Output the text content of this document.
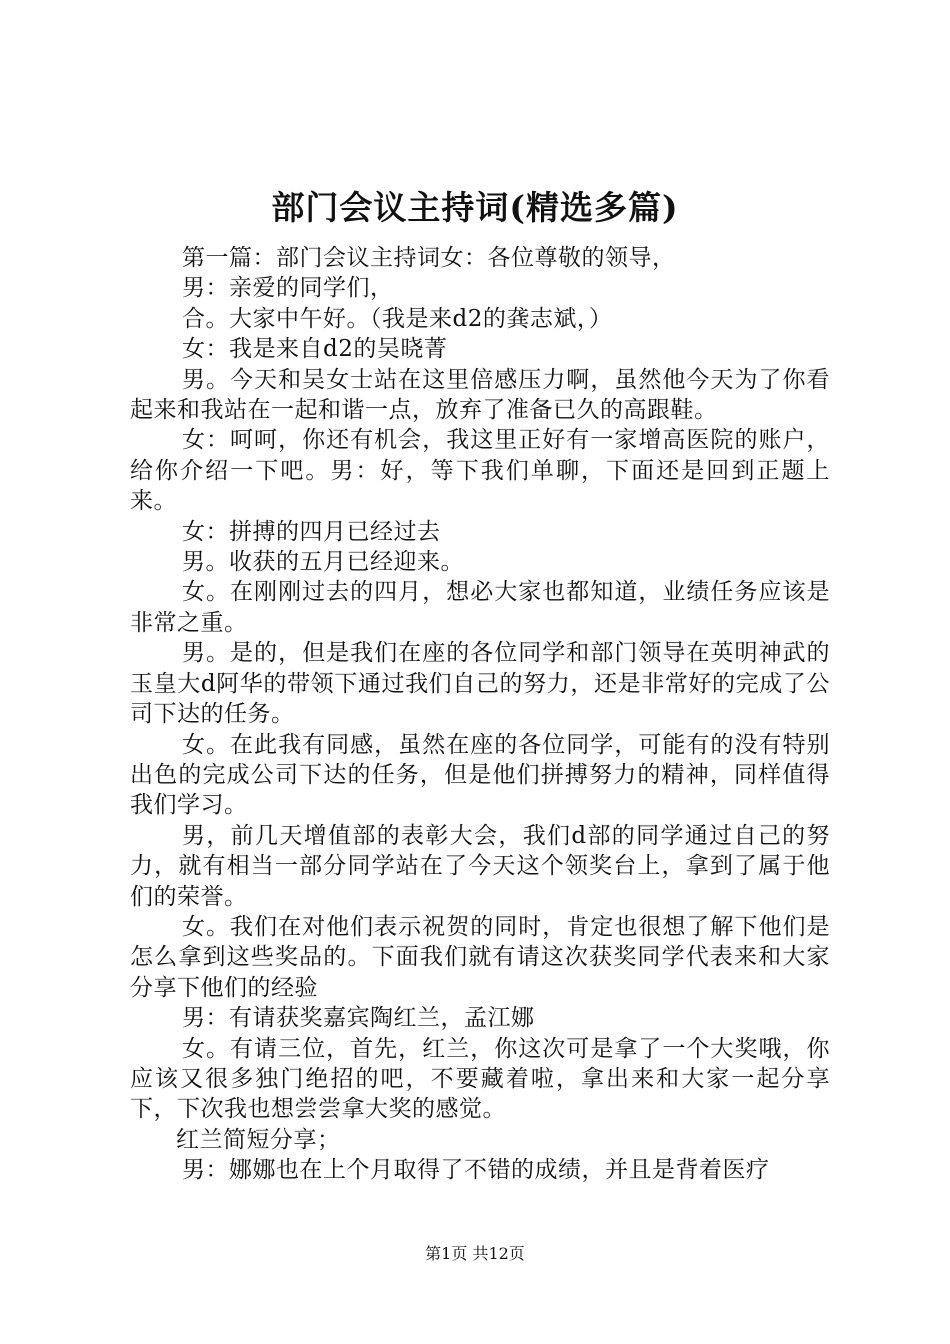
部门会议主持词(精选多篇)

第一篇：部门会议主持词女：各位尊敬的领导，

男：亲爱的同学们，

合。大家中午好。（我是来d2的龚志斌，）

女：我是来自d2的吴晓菁

男。今天和吴女士站在这里倍感压力啊，虽然他今天为了你看起来和我站在一起和谐一点，放弃了准备已久的高跟鞋。

女：呵呵，你还有机会，我这里正好有一家增高医院的账户，给你介绍一下吧。男：好，等下我们单聊，下面还是回到正题上来。

女：拼搏的四月已经过去

男。收获的五月已经迎来。

女。在刚刚过去的四月，想必大家也都知道，业绩任务应该是非常之重。

男。是的，但是我们在座的各位同学和部门领导在英明神武的玉皇大d阿华的带领下通过我们自己的努力，还是非常好的完成了公司下达的任务。

女。在此我有同感，虽然在座的各位同学，可能有的没有特别出色的完成公司下达的任务，但是他们拼搏努力的精神，同样值得我们学习。

男，前几天增值部的表彰大会，我们d部的同学通过自己的努力，就有相当一部分同学站在了今天这个领奖台上，拿到了属于他们的荣誉。

女。我们在对他们表示祝贺的同时，肯定也很想了解下他们是怎么拿到这些奖品的。下面我们就有请这次获奖同学代表来和大家分享下他们的经验

男：有请获奖嘉宾陶红兰，孟江娜

女。有请三位，首先，红兰，你这次可是拿了一个大奖哦，你应该又很多独门绝招的吧，不要藏着啦，拿出来和大家一起分享下，下次我也想尝尝拿大奖的感觉。

红兰简短分享；

男：娜娜也在上个月取得了不错的成绩，并且是背着医疗

第1页 共12页
